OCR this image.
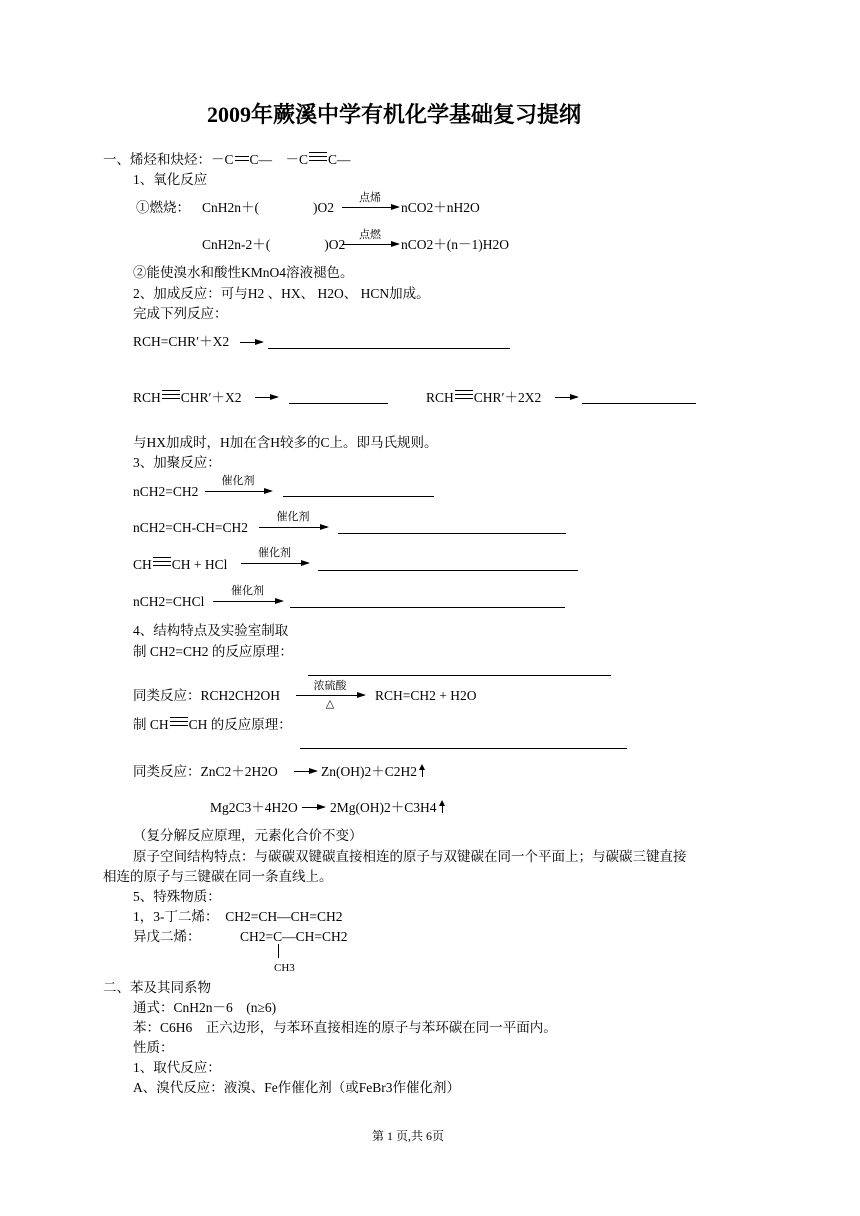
2009年蕨溪中学有机化学基础复习提纲
一、烯烃和炔烃：－C C—　－C C—
1、氧化反应
①燃烧： CnH2n＋(　　　　)O2
点烯
nCO2＋nH2O
CnH2n-2＋(　　　　)O2
点燃
nCO2＋(n－1)H2O
②能使溴水和酸性KMnO4溶液褪色。
2、加成反应：可与H2 、HX、 H2O、 HCN加成。
完成下列反应：
RCH=CHR′＋X2 →
RCH CHR′＋X2 →	RCH CHR′＋2X2 →
与HX加成时，H加在含H较多的C上。即马氏规则。
3、加聚反应：
nCH2=CH2
催化剂
nCH2=CH-CH=CH2
催化剂
CH CH + HCl
催化剂
nCH2=CHCl
催化剂
4、结构特点及实验室制取
制 CH2=CH2 的反应原理：
同类反应：RCH2CH2OH
浓硫酸
△
RCH=CH2 + H2O
制 CH CH 的反应原理：
同类反应：ZnC2＋2H2O → Zn(OH)2＋C2H2
Mg2C3＋4H2O → 2Mg(OH)2＋C3H4
（复分解反应原理，元素化合价不变）
原子空间结构特点：与碳碳双键碳直接相连的原子与双键碳在同一个平面上；与碳碳三键直接
相连的原子与三键碳在同一条直线上。
5、特殊物质：
1，3-丁二烯：　CH2=CH—CH=CH2
异戊二烯：	CH2=C—CH=CH2
CH3
二、苯及其同系物
通式：CnH2n－6　(n≥6)
苯：C6H6　正六边形，与苯环直接相连的原子与苯环碳在同一平面内。
性质：
1、取代反应：
A、溴代反应：液溴、Fe作催化剂（或FeBr3作催化剂）
第 1 页,共 6页
